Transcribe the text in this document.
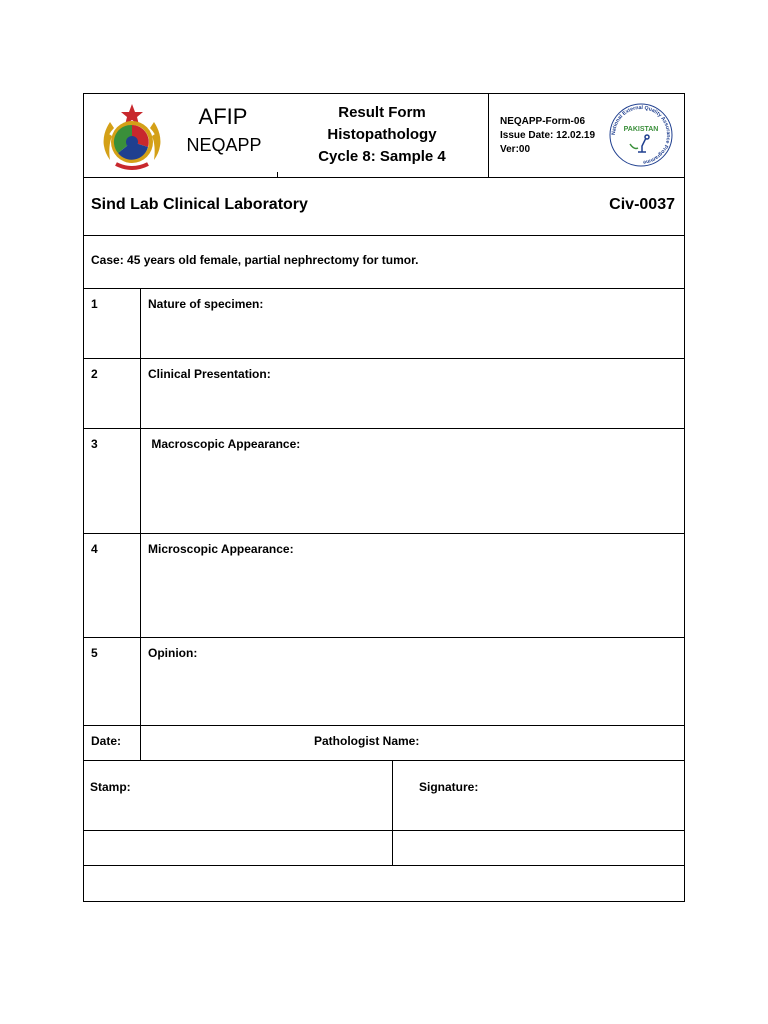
AFIP
NEQAPP
Result Form
Histopathology
Cycle 8: Sample 4
NEQAPP-Form-06
Issue Date: 12.02.19
Ver:00
National External Quality Assurance Programme
PAKISTAN
Sind Lab Clinical Laboratory	Civ-0037
Case: 45 years old female, partial nephrectomy for tumor.
1	Nature of specimen:
2	Clinical Presentation:
3	Macroscopic Appearance:
4	Microscopic Appearance:
5	Opinion:
Date:	Pathologist Name:
Stamp:	Signature:
